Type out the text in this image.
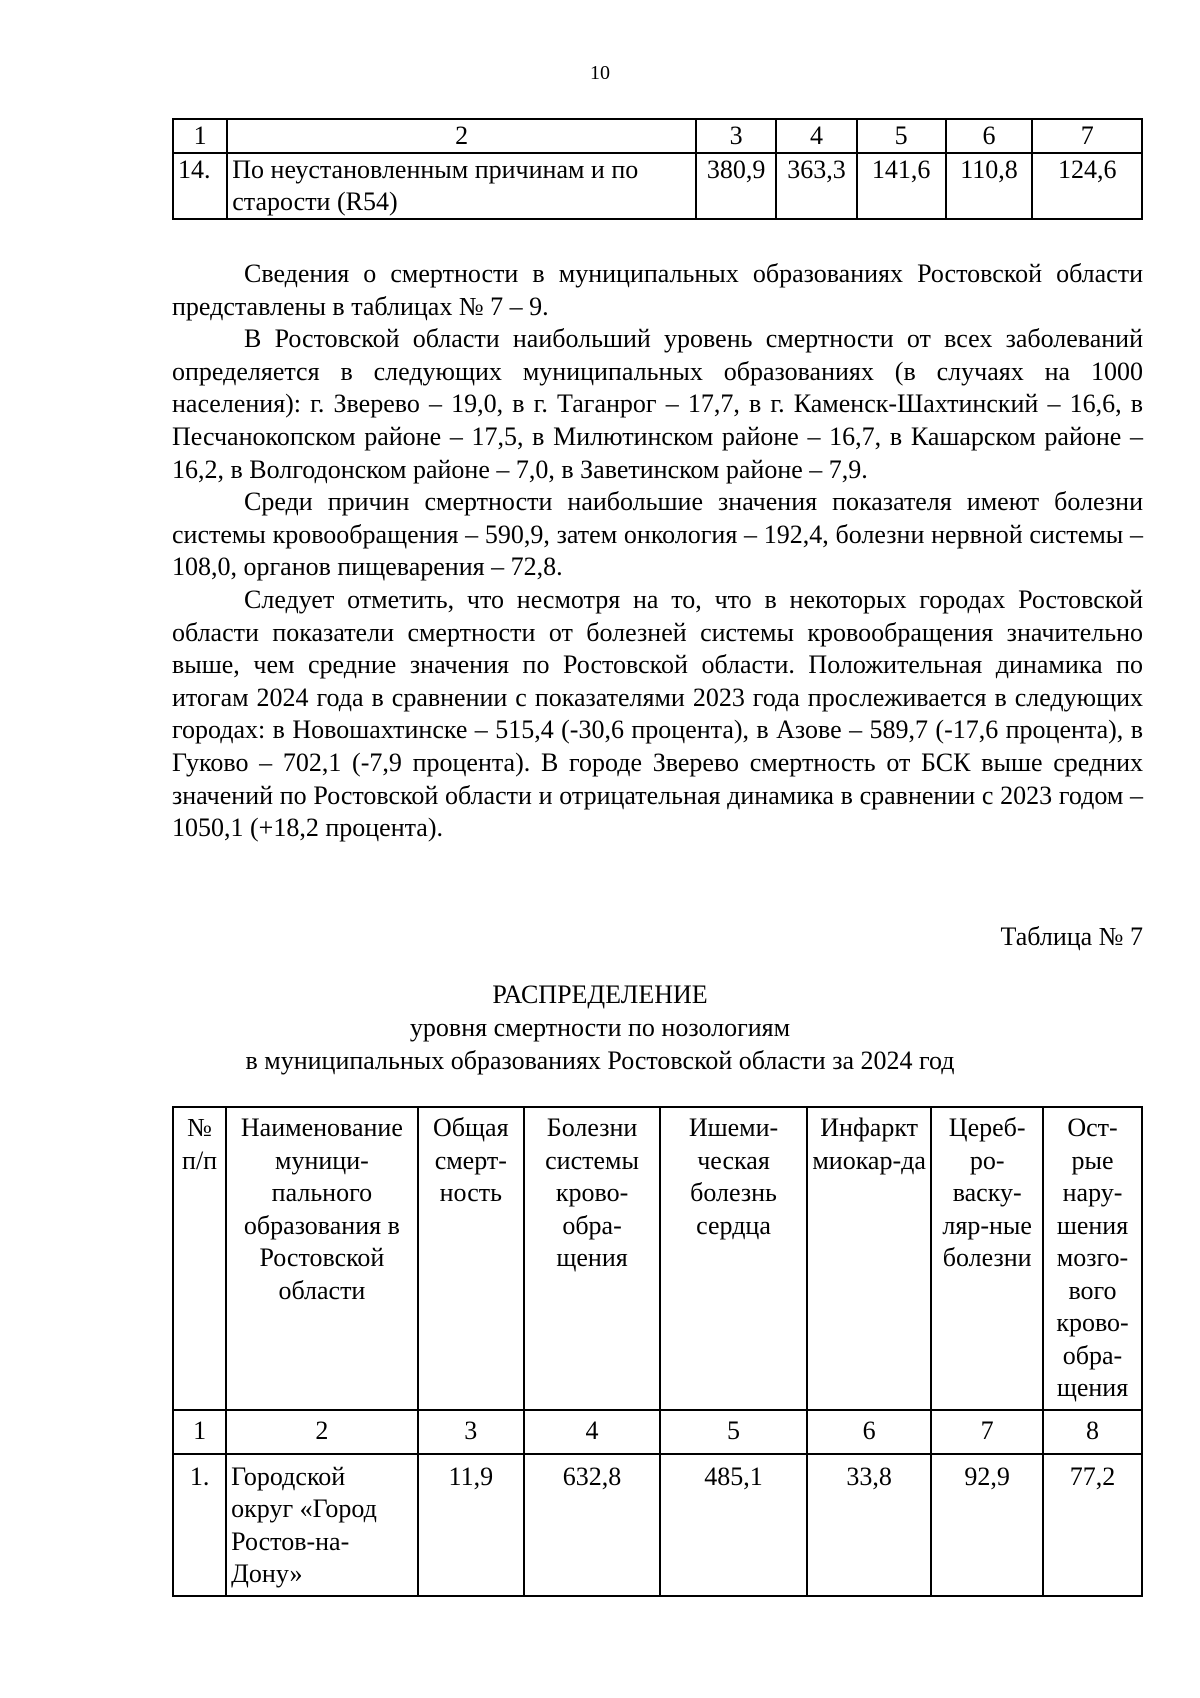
10
1	2	3	4	5	6	7
14.	По неустановленным причинам и по старости (R54)	380,9	363,3	141,6	110,8	124,6

Сведения о смертности в муниципальных образованиях Ростовской области представлены в таблицах № 7 – 9.

В Ростовской области наибольший уровень смертности от всех заболеваний определяется в следующих муниципальных образованиях (в случаях на 1000 населения): г. Зверево – 19,0, в г. Таганрог – 17,7, в г. Каменск-Шахтинский – 16,6, в Песчанокопском районе – 17,5, в Милютинском районе – 16,7, в Кашарском районе – 16,2, в Волгодонском районе – 7,0, в Заветинском районе – 7,9.

Среди причин смертности наибольшие значения показателя имеют болезни системы кровообращения – 590,9, затем онкология – 192,4, болезни нервной системы – 108,0, органов пищеварения – 72,8.

Следует отметить, что несмотря на то, что в некоторых городах Ростовской области показатели смертности от болезней системы кровообращения значительно выше, чем средние значения по Ростовской области. Положительная динамика по итогам 2024 года в сравнении с показателями 2023 года прослеживается в следующих городах: в Новошахтинске – 515,4 (-30,6 процента), в Азове – 589,7 (-17,6 процента), в Гуково – 702,1 (-7,9 процента). В городе Зверево смертность от БСК выше средних значений по Ростовской области и отрицательная динамика в сравнении с 2023 годом – 1050,1 (+18,2 процента).

Таблица № 7
РАСПРЕДЕЛЕНИЕ
уровня смертности по нозологиям
в муниципальных образованиях Ростовской области за 2024 год
№ п/п	Наименование муници-пального образования в Ростовской области	Общая смерт-ность	Болезни системы крово-обра-щения	Ишеми-ческая болезнь сердца	Инфаркт миокар-да	Цереб-ро-васку-ляр-ные болезни	Ост-рые нару-шения мозго-вого крово-обра-щения
1	2	3	4	5	6	7	8
1.	Городской округ «Город Ростов-на-Дону»	11,9	632,8	485,1	33,8	92,9	77,2
